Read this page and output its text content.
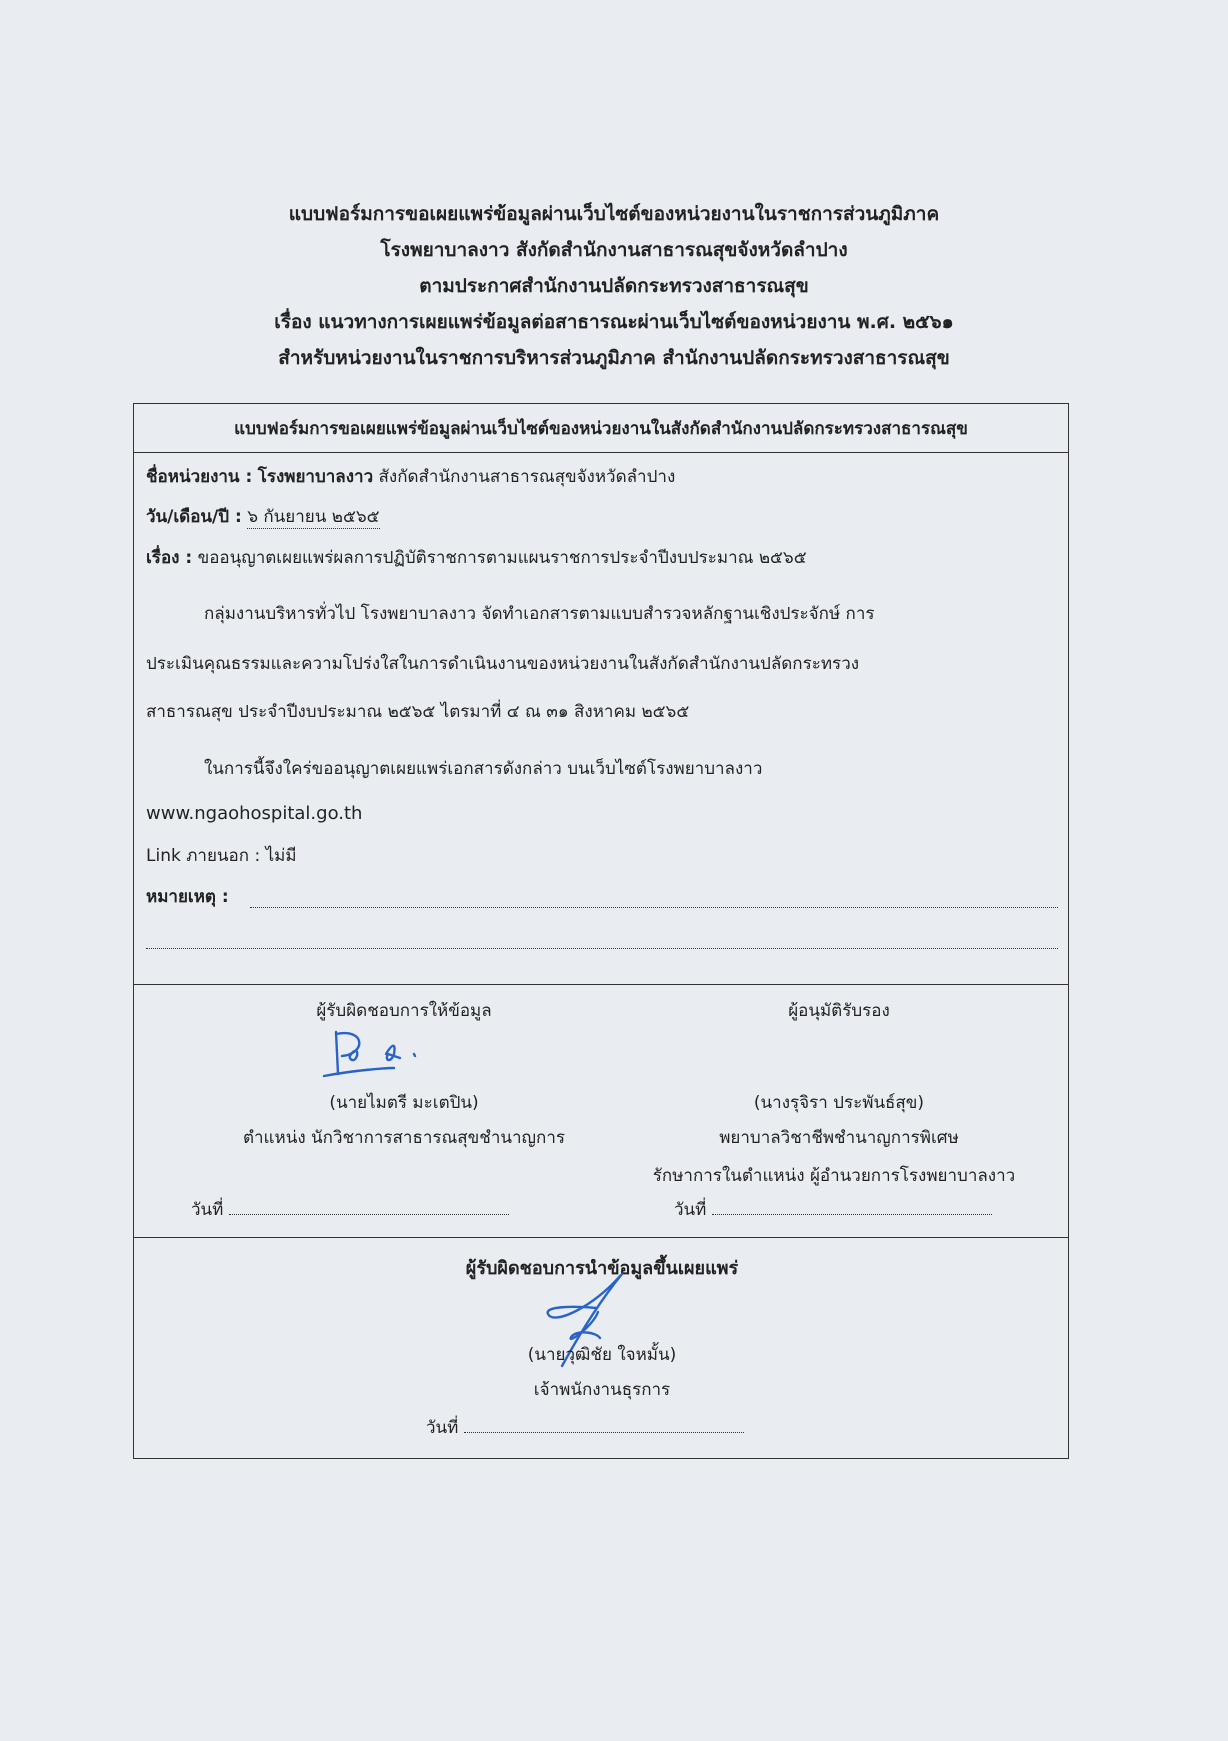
แบบฟอร์มการขอเผยแพร่ข้อมูลผ่านเว็บไซต์ของหน่วยงานในราชการส่วนภูมิภาค
โรงพยาบาลงาว สังกัดสำนักงานสาธารณสุขจังหวัดลำปาง
ตามประกาศสำนักงานปลัดกระทรวงสาธารณสุข
เรื่อง แนวทางการเผยแพร่ข้อมูลต่อสาธารณะผ่านเว็บไซต์ของหน่วยงาน พ.ศ. ๒๕๖๑
สำหรับหน่วยงานในราชการบริหารส่วนภูมิภาค สำนักงานปลัดกระทรวงสาธารณสุข
แบบฟอร์มการขอเผยแพร่ข้อมูลผ่านเว็บไซต์ของหน่วยงานในสังกัดสำนักงานปลัดกระทรวงสาธารณสุข
ชื่อหน่วยงาน : โรงพยาบาลงาว สังกัดสำนักงานสาธารณสุขจังหวัดลำปาง
วัน/เดือน/ปี : ๖ กันยายน ๒๕๖๕
เรื่อง : ขออนุญาตเผยแพร่ผลการปฏิบัติราชการตามแผนราชการประจำปีงบประมาณ ๒๕๖๕
กลุ่มงานบริหารทั่วไป โรงพยาบาลงาว จัดทำเอกสารตามแบบสำรวจหลักฐานเชิงประจักษ์ การ
ประเมินคุณธรรมและความโปร่งใสในการดำเนินงานของหน่วยงานในสังกัดสำนักงานปลัดกระทรวง
สาธารณสุข ประจำปีงบประมาณ ๒๕๖๕ ไตรมาที่ ๔ ณ ๓๑ สิงหาคม ๒๕๖๕
ในการนี้จึงใคร่ขออนุญาตเผยแพร่เอกสารดังกล่าว บนเว็บไซต์โรงพยาบาลงาว
www.ngaohospital.go.th
Link ภายนอก : ไม่มี
หมายเหตุ :
ผู้รับผิดชอบการให้ข้อมูล
(นายไมตรี มะเตปิน)
ตำแหน่ง นักวิชาการสาธารณสุขชำนาญการ
วันที่
ผู้อนุมัติรับรอง
(นางรุจิรา ประพันธ์สุข)
พยาบาลวิชาชีพชำนาญการพิเศษ
รักษาการในตำแหน่ง ผู้อำนวยการโรงพยาบาลงาว
วันที่
ผู้รับผิดชอบการนำข้อมูลขึ้นเผยแพร่
(นายวุฒิชัย ใจหมั้น)
เจ้าพนักงานธุรการ
วันที่
